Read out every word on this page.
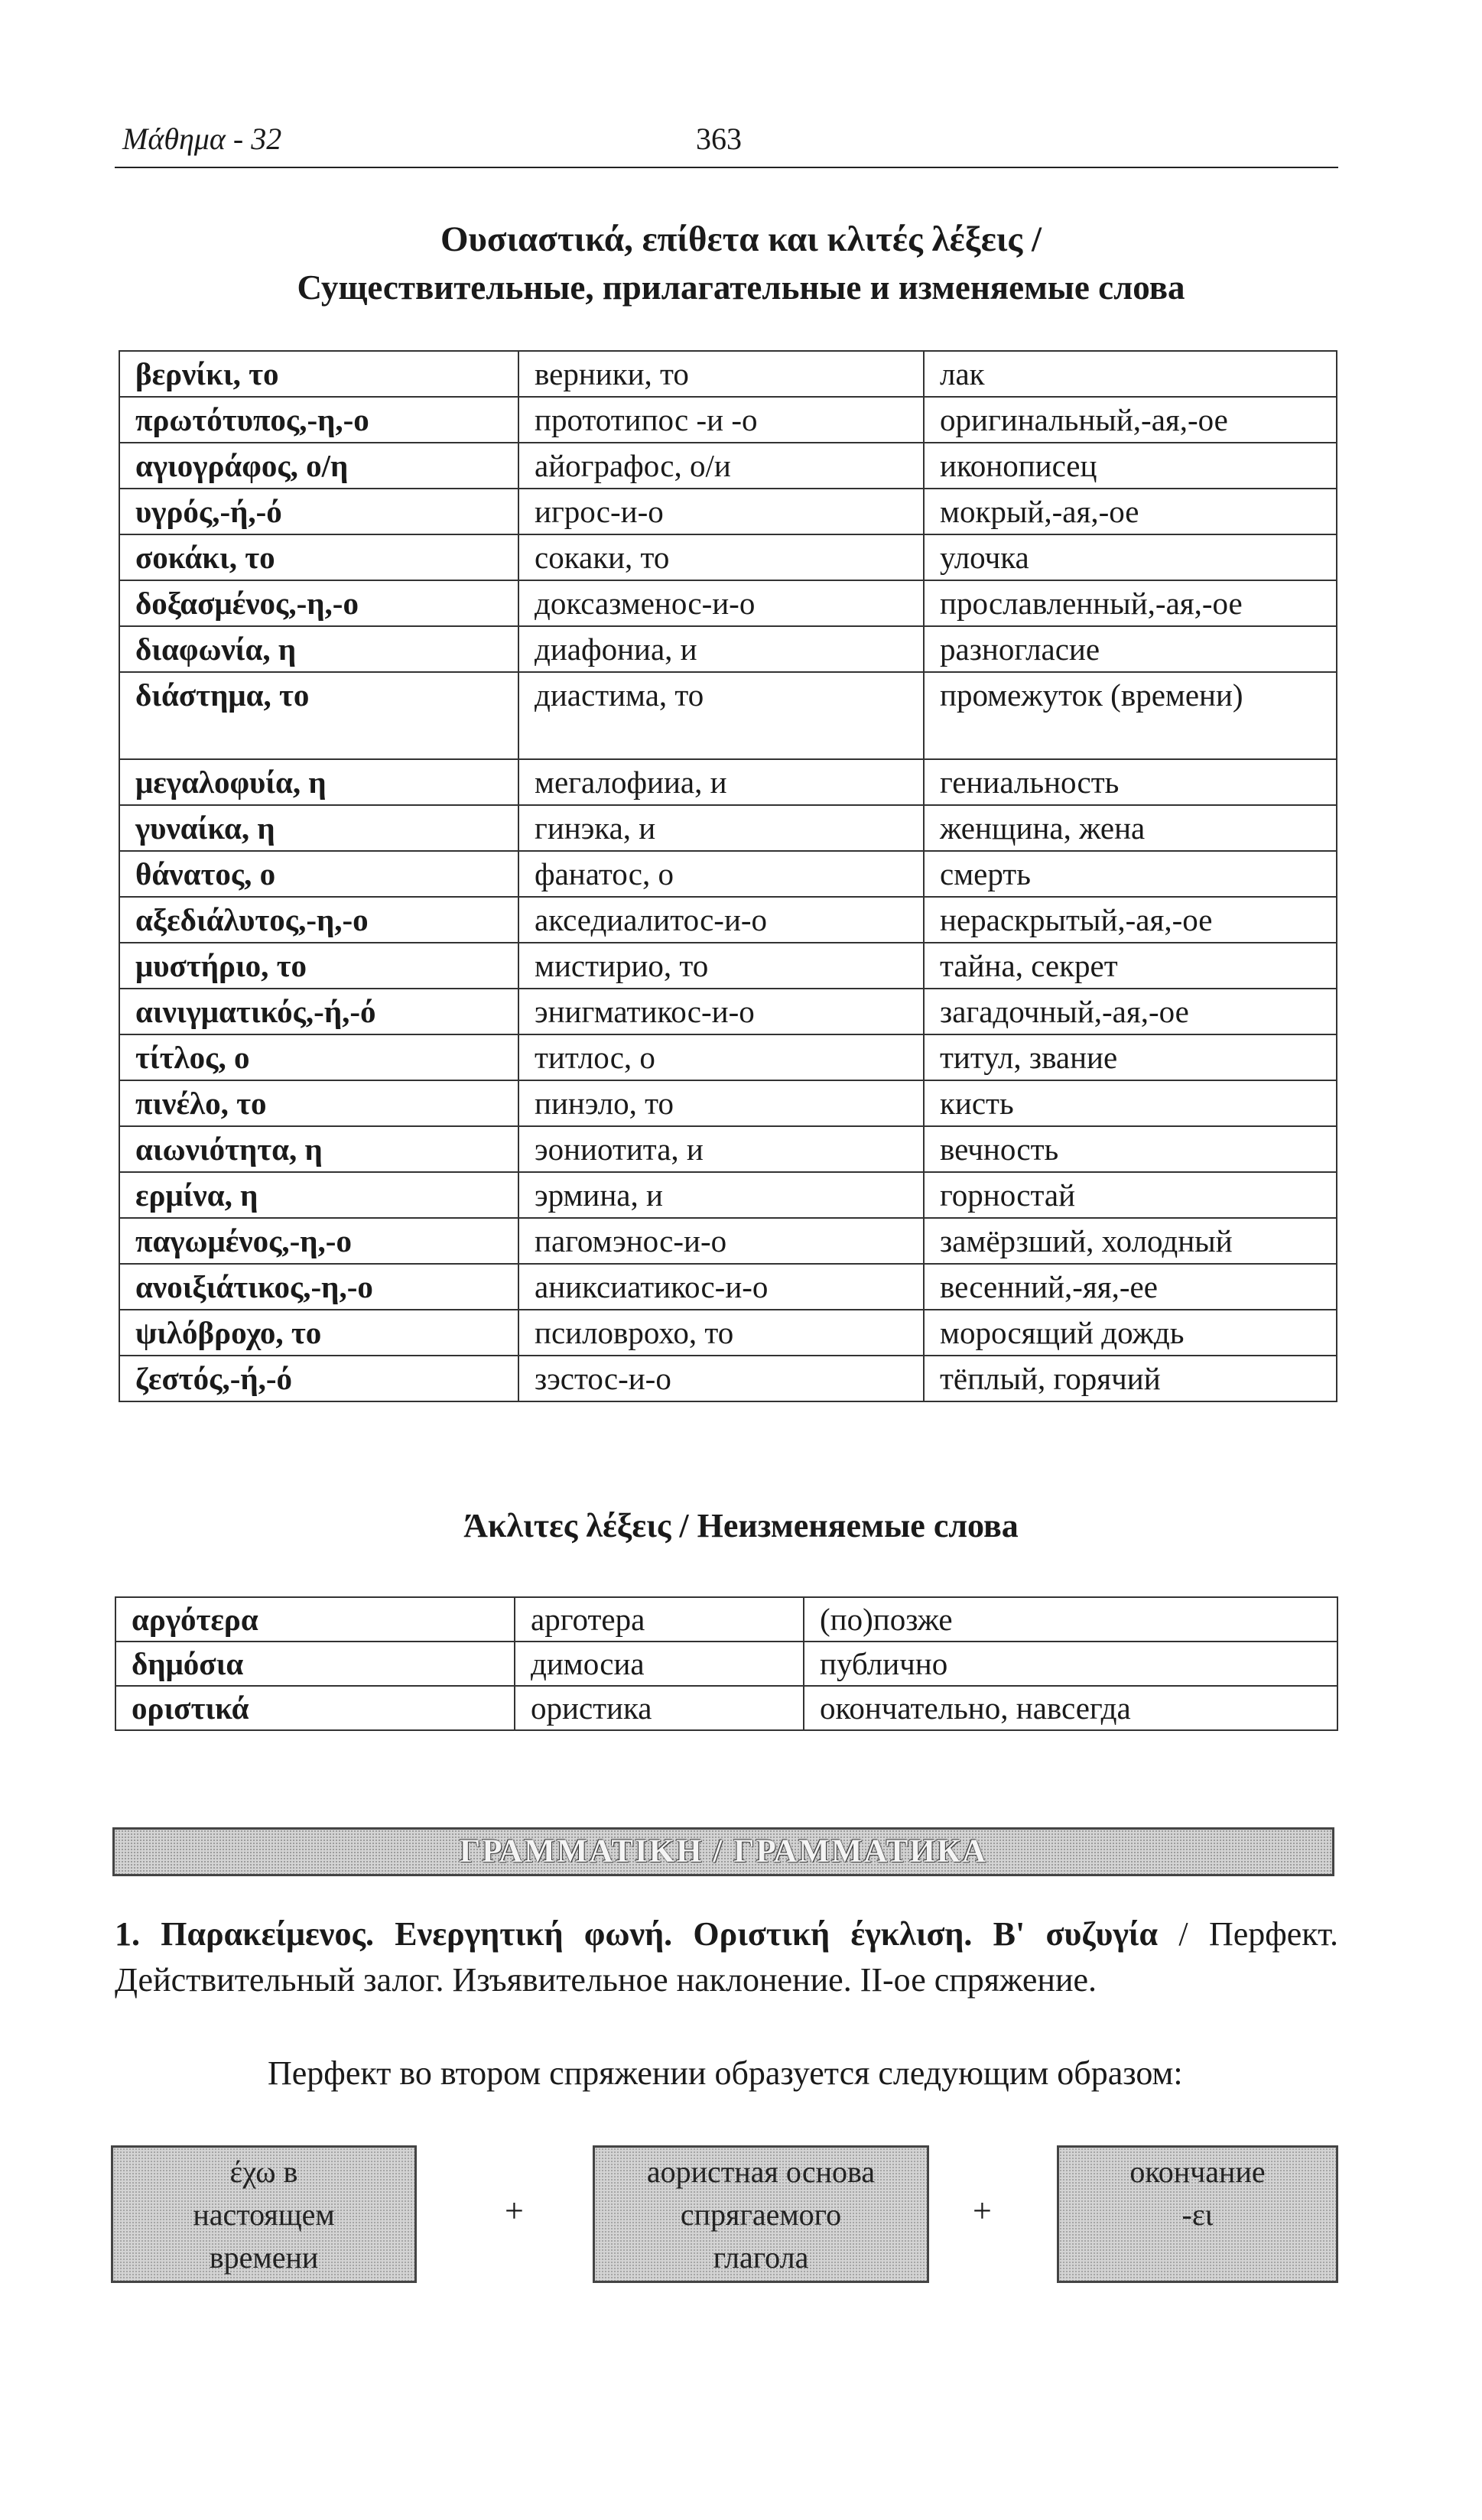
Μάθημα - 32	363
Ουσιαστικά, επίθετα και κλιτές λέξεις /
Существительные, прилагательные и изменяемые слова
βερνίκι, το	верники, то	лак
πρωτότυπος,-η,-ο	прототипос -и -о	оригинальный,-ая,-ое
αγιογράφος, ο/η	айографос, о/и	иконописец
υγρός,-ή,-ό	игрос-и-о	мокрый,-ая,-ое
σοκάκι, το	сокаки, то	улочка
δοξασμένος,-η,-ο	доксазменос-и-о	прославленный,-ая,-ое
διαφωνία, η	диафониа, и	разногласие
διάστημα, το	диастима, то	промежуток (времени)
μεγαλοφυία, η	мегалофииа, и	гениальность
γυναίκα, η	гинэка, и	женщина, жена
θάνατος, ο	фанатос, о	смерть
αξεδιάλυτος,-η,-ο	акседиалитос-и-о	нераскрытый,-ая,-ое
μυστήριο, το	мистирио, то	тайна, секрет
αινιγματικός,-ή,-ό	энигматикос-и-о	загадочный,-ая,-ое
τίτλος, ο	титлос, о	титул, звание
πινέλο, το	пинэло, то	кисть
αιωνιότητα, η	эониотита, и	вечность
ερμίνα, η	эрмина, и	горностай
παγωμένος,-η,-ο	пагомэнос-и-о	замёрзший, холодный
ανοιξιάτικος,-η,-ο	аниксиатикос-и-о	весенний,-яя,-ее
ψιλόβροχο, το	псиловрохо, то	моросящий дождь
ζεστός,-ή,-ό	зэстос-и-о	тёплый, горячий
Άκλιτες λέξεις / Неизменяемые слова
αργότερα	арготера	(по)позже
δημόσια	димосиа	публично
οριστικά	ористика	окончательно, навсегда
ΓΡΑΜΜΑΤΙΚΗ / ГРАММАТИКА
1. Παρακείμενος. Ενεργητική φωνή. Οριστική έγκλιση. Β' συζυγία / Перфект. Действительный залог. Изъявительное наклонение. II-ое спряжение.
Перфект во втором спряжении образуется следующим образом:
έχω в
настоящем
времени
+
аористная основа
спрягаемого
глагола
+
окончание
-ει
